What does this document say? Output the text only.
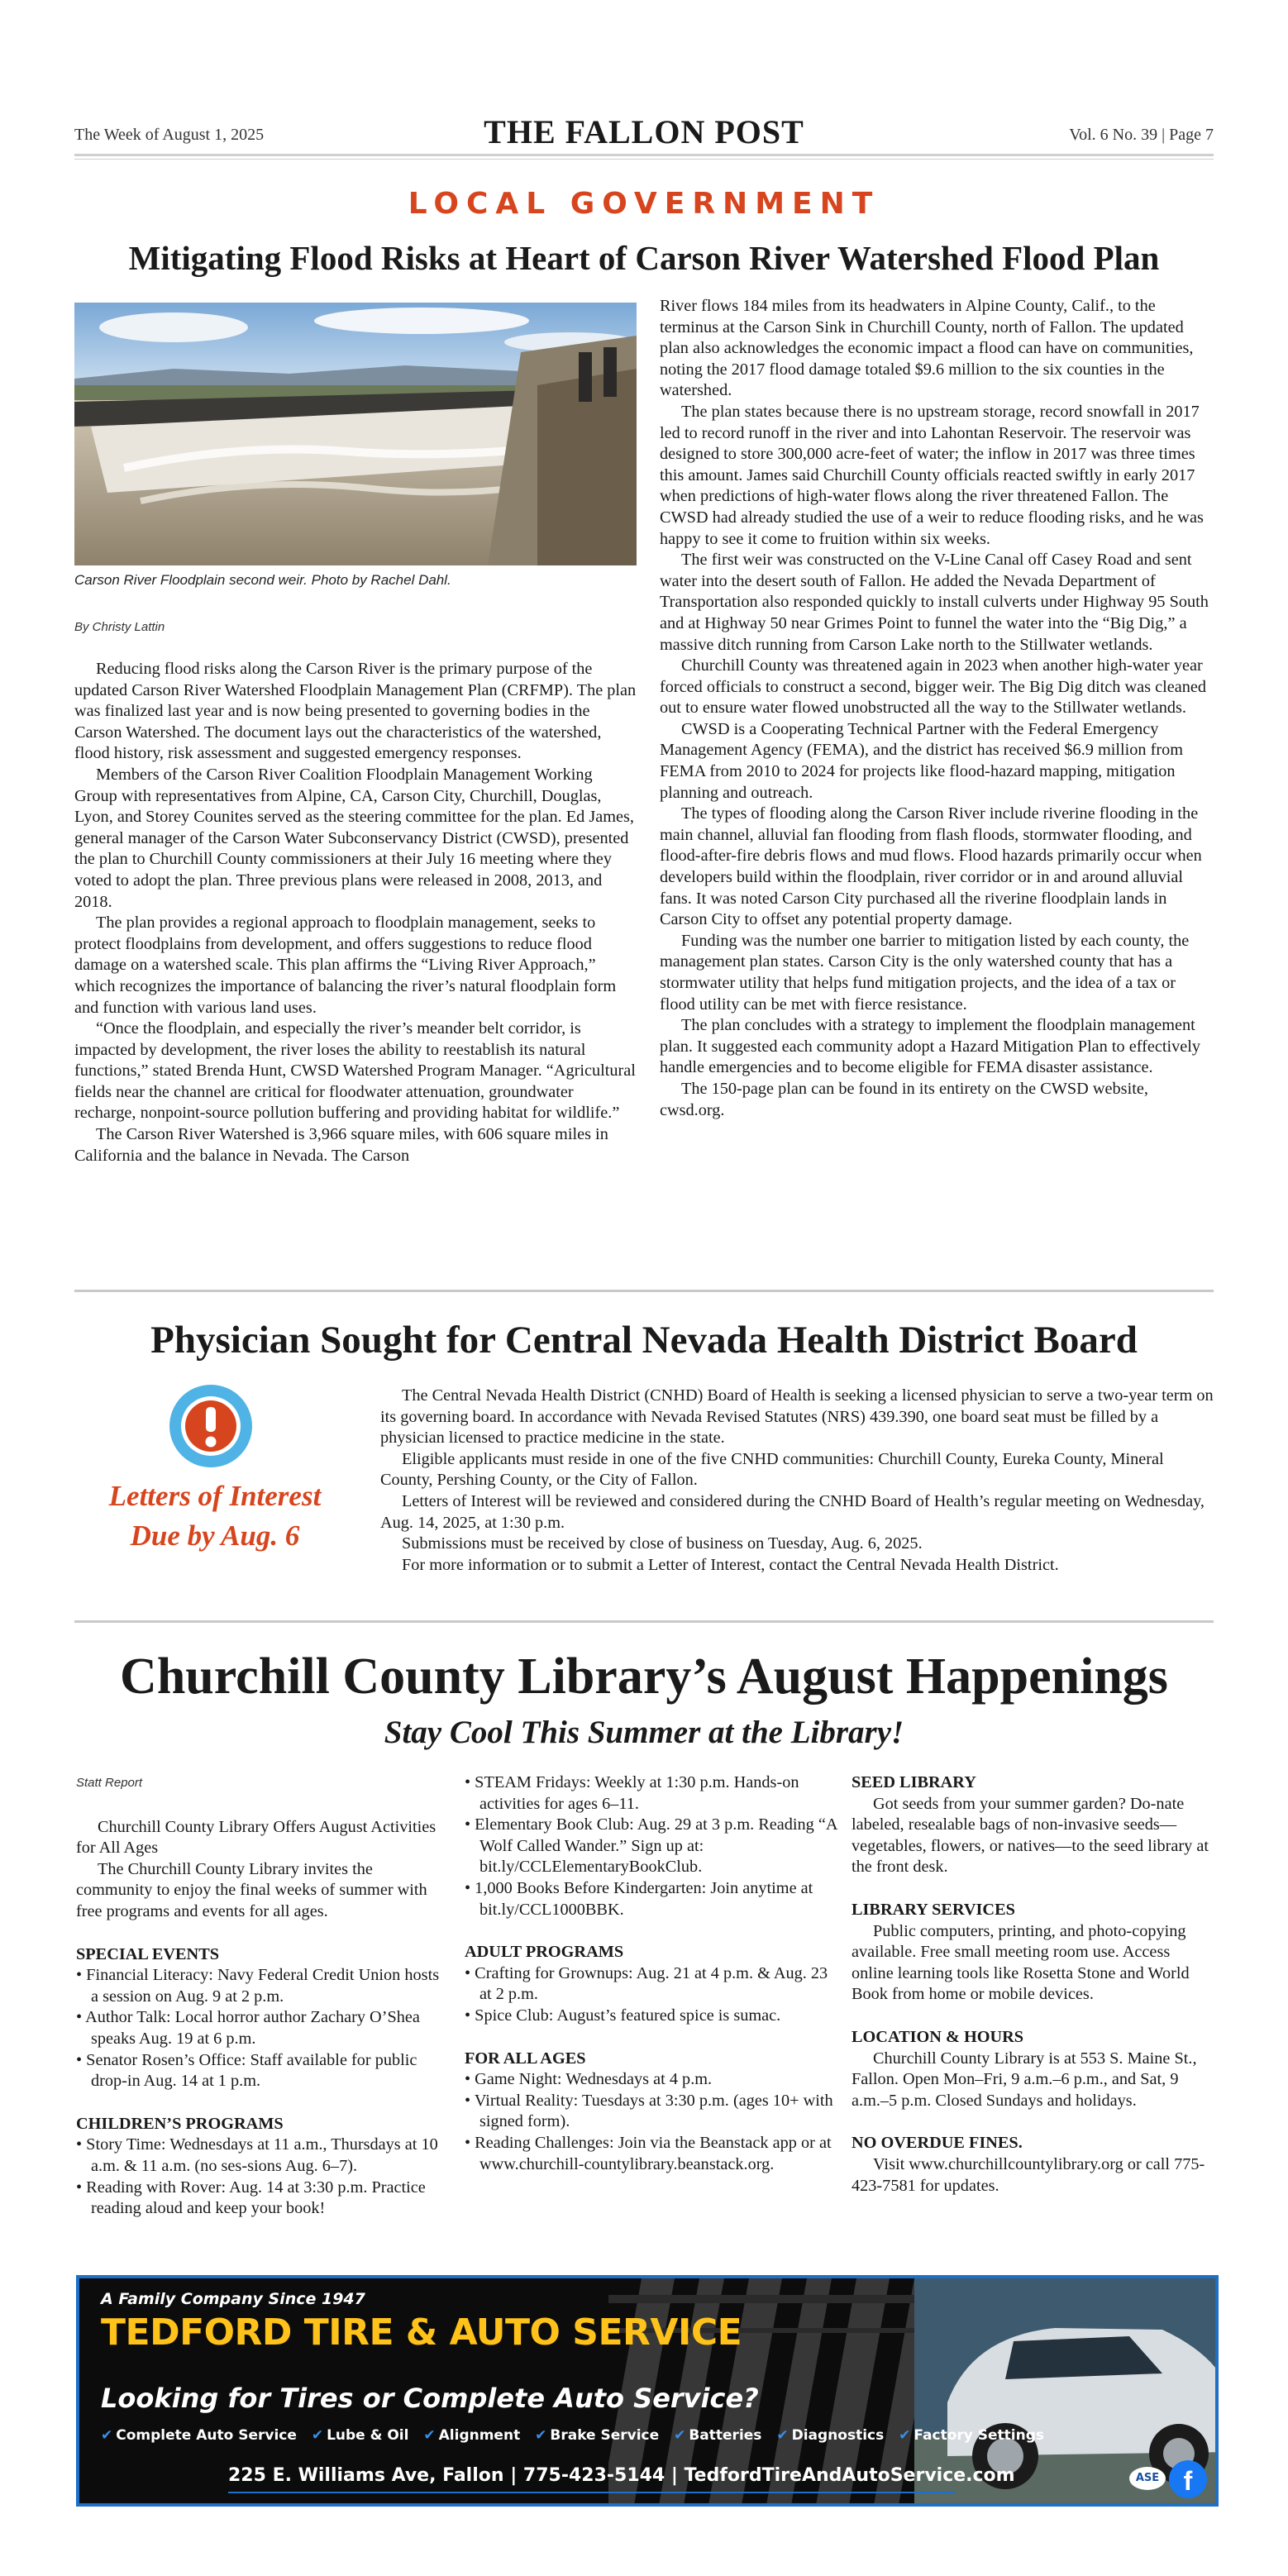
The Week of August 1, 2025	THE FALLON POST	Vol. 6 No. 39 | Page 7
LOCAL GOVERNMENT
Mitigating Flood Risks at Heart of Carson River Watershed Flood Plan
Carson River Floodplain second weir. Photo by Rachel Dahl.
By Christy Lattin

Reducing flood risks along the Carson River is the primary purpose of the updated Carson River Watershed Floodplain Management Plan (CRFMP). The plan was finalized last year and is now being presented to governing bodies in the Carson Watershed. The document lays out the characteristics of the watershed, flood history, risk assessment and suggested emergency responses.

Members of the Carson River Coalition Floodplain Management Working Group with representatives from Alpine, CA, Carson City, Churchill, Douglas, Lyon, and Storey Counites served as the steering committee for the plan. Ed James, general manager of the Carson Water Subconservancy District (CWSD), presented the plan to Churchill County commissioners at their July 16 meeting where they voted to adopt the plan. Three previous plans were released in 2008, 2013, and 2018.

The plan provides a regional approach to floodplain management, seeks to protect floodplains from development, and offers suggestions to reduce flood damage on a watershed scale. This plan affirms the “Living River Approach,” which recognizes the importance of balancing the river’s natural floodplain form and function with various land uses.

“Once the floodplain, and especially the river’s meander belt corridor, is impacted by development, the river loses the ability to reestablish its natural functions,” stated Brenda Hunt, CWSD Watershed Program Manager. “Agricultural fields near the channel are critical for floodwater attenuation, groundwater recharge, nonpoint-source pollution buffering and providing habitat for wildlife.”

The Carson River Watershed is 3,966 square miles, with 606 square miles in California and the balance in Nevada. The Carson

River flows 184 miles from its headwaters in Alpine County, Calif., to the terminus at the Carson Sink in Churchill County, north of Fallon. The updated plan also acknowledges the economic impact a flood can have on communities, noting the 2017 flood damage totaled $9.6 million to the six counties in the watershed.

The plan states because there is no upstream storage, record snowfall in 2017 led to record runoff in the river and into Lahontan Reservoir. The reservoir was designed to store 300,000 acre-feet of water; the inflow in 2017 was three times this amount. James said Churchill County officials reacted swiftly in early 2017 when predictions of high-water flows along the river threatened Fallon. The CWSD had already studied the use of a weir to reduce flooding risks, and he was happy to see it come to fruition within six weeks.

The first weir was constructed on the V-Line Canal off Casey Road and sent water into the desert south of Fallon. He added the Nevada Department of Transportation also responded quickly to install culverts under Highway 95 South and at Highway 50 near Grimes Point to funnel the water into the “Big Dig,” a massive ditch running from Carson Lake north to the Stillwater wetlands.

Churchill County was threatened again in 2023 when another high-water year forced officials to construct a second, bigger weir. The Big Dig ditch was cleaned out to ensure water flowed unobstructed all the way to the Stillwater wetlands.

CWSD is a Cooperating Technical Partner with the Federal Emergency Management Agency (FEMA), and the district has received $6.9 million from FEMA from 2010 to 2024 for projects like flood-hazard mapping, mitigation planning and outreach.

The types of flooding along the Carson River include riverine flooding in the main channel, alluvial fan flooding from flash floods, stormwater flooding, and flood-after-fire debris flows and mud flows. Flood hazards primarily occur when developers build within the floodplain, river corridor or in and around alluvial fans. It was noted Carson City purchased all the riverine floodplain lands in Carson City to offset any potential property damage.

Funding was the number one barrier to mitigation listed by each county, the management plan states. Carson City is the only watershed county that has a stormwater utility that helps fund mitigation projects, and the idea of a tax or flood utility can be met with fierce resistance.

The plan concludes with a strategy to implement the floodplain management plan. It suggested each community adopt a Hazard Mitigation Plan to effectively handle emergencies and to become eligible for FEMA disaster assistance.

The 150-page plan can be found in its entirety on the CWSD website, cwsd.org.

Physician Sought for Central Nevada Health District Board
Letters of Interest
Due by Aug. 6

The Central Nevada Health District (CNHD) Board of Health is seeking a licensed physician to serve a two-year term on its governing board. In accordance with Nevada Revised Statutes (NRS) 439.390, one board seat must be filled by a physician licensed to practice medicine in the state.

Eligible applicants must reside in one of the five CNHD communities: Churchill County, Eureka County, Mineral County, Pershing County, or the City of Fallon.

Letters of Interest will be reviewed and considered during the CNHD Board of Health’s regular meeting on Wednesday, Aug. 14, 2025, at 1:30 p.m.

Submissions must be received by close of business on Tuesday, Aug. 6, 2025.

For more information or to submit a Letter of Interest, contact the Central Nevada Health District.

Churchill County Library’s August Happenings
Stay Cool This Summer at the Library!

Statt Report

Churchill County Library Offers August Activities for All Ages

The Churchill County Library invites the community to enjoy the final weeks of summer with free programs and events for all ages.

SPECIAL EVENTS
• Financial Literacy: Navy Federal Credit Union hosts a session on Aug. 9 at 2 p.m.
• Author Talk: Local horror author Zachary O’Shea speaks Aug. 19 at 6 p.m.
• Senator Rosen’s Office: Staff available for public drop-in Aug. 14 at 1 p.m.
CHILDREN’S PROGRAMS
• Story Time: Wednesdays at 11 a.m., Thursdays at 10 a.m. & 11 a.m. (no ses-sions Aug. 6–7).
• Reading with Rover: Aug. 14 at 3:30 p.m. Practice reading aloud and keep your book!
• STEAM Fridays: Weekly at 1:30 p.m. Hands-on activities for ages 6–11.
• Elementary Book Club: Aug. 29 at 3 p.m. Reading “A Wolf Called Wander.” Sign up at: bit.ly/CCLElementaryBookClub.
• 1,000 Books Before Kindergarten: Join anytime at bit.ly/CCL1000BBK.
ADULT PROGRAMS
• Crafting for Grownups: Aug. 21 at 4 p.m. & Aug. 23 at 2 p.m.
• Spice Club: August’s featured spice is sumac.
FOR ALL AGES
• Game Night: Wednesdays at 4 p.m.
• Virtual Reality: Tuesdays at 3:30 p.m. (ages 10+ with signed form).
• Reading Challenges: Join via the Beanstack app or at www.churchill-countylibrary.beanstack.org.
SEED LIBRARY

Got seeds from your summer garden? Do-nate labeled, resealable bags of non-invasive seeds—vegetables, flowers, or natives—to the seed library at the front desk.

LIBRARY SERVICES

Public computers, printing, and photo-copying available. Free small meeting room use. Access online learning tools like Rosetta Stone and World Book from home or mobile devices.

LOCATION & HOURS

Churchill County Library is at 553 S. Maine St., Fallon. Open Mon–Fri, 9 a.m.–6 p.m., and Sat, 9 a.m.–5 p.m. Closed Sundays and holidays.

NO OVERDUE FINES.

Visit www.churchillcountylibrary.org or call 775-423-7581 for updates.

A Family Company Since 1947
TEDFORD TIRE & AUTO SERVICE
Looking for Tires or Complete Auto Service?
✔ Complete Auto Service ✔ Lube & Oil ✔ Alignment ✔ Brake Service ✔ Batteries ✔ Diagnostics ✔ Factory Settings
225 E. Williams Ave, Fallon | 775-423-5144 | TedfordTireAndAutoService.com	ASE f
